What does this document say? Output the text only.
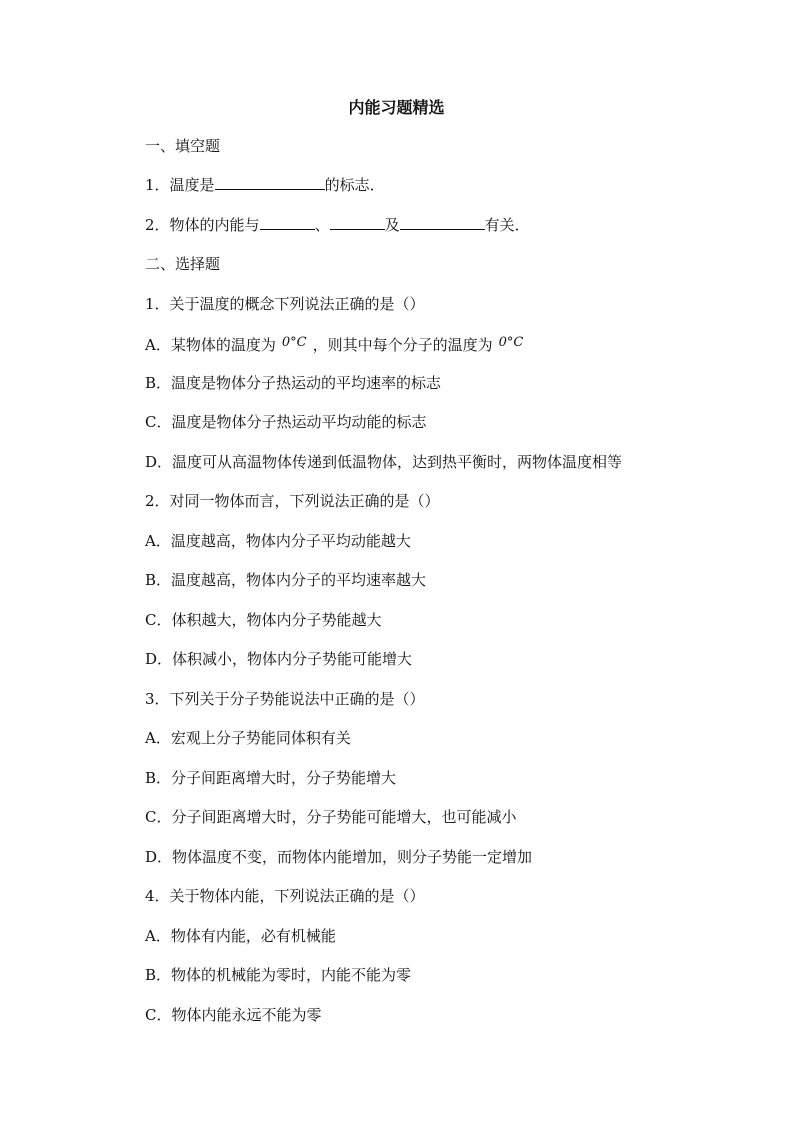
内能习题精选
一、填空题
1．温度是	的标志．
2．物体的内能与	、	及	有关．
二、选择题
1．关于温度的概念下列说法正确的是（）
A．某物体的温度为 0°C ，则其中每个分子的温度为 0°C
B．温度是物体分子热运动的平均速率的标志
C．温度是物体分子热运动平均动能的标志
D．温度可从高温物体传递到低温物体，达到热平衡时，两物体温度相等
2．对同一物体而言，下列说法正确的是（）
A．温度越高，物体内分子平均动能越大
B．温度越高，物体内分子的平均速率越大
C．体积越大，物体内分子势能越大
D．体积减小，物体内分子势能可能增大
3．下列关于分子势能说法中正确的是（）
A．宏观上分子势能同体积有关
B．分子间距离增大时，分子势能增大
C．分子间距离增大时，分子势能可能增大，也可能减小
D．物体温度不变，而物体内能增加，则分子势能一定增加
4．关于物体内能，下列说法正确的是（）
A．物体有内能，必有机械能
B．物体的机械能为零时，内能不能为零
C．物体内能永远不能为零
